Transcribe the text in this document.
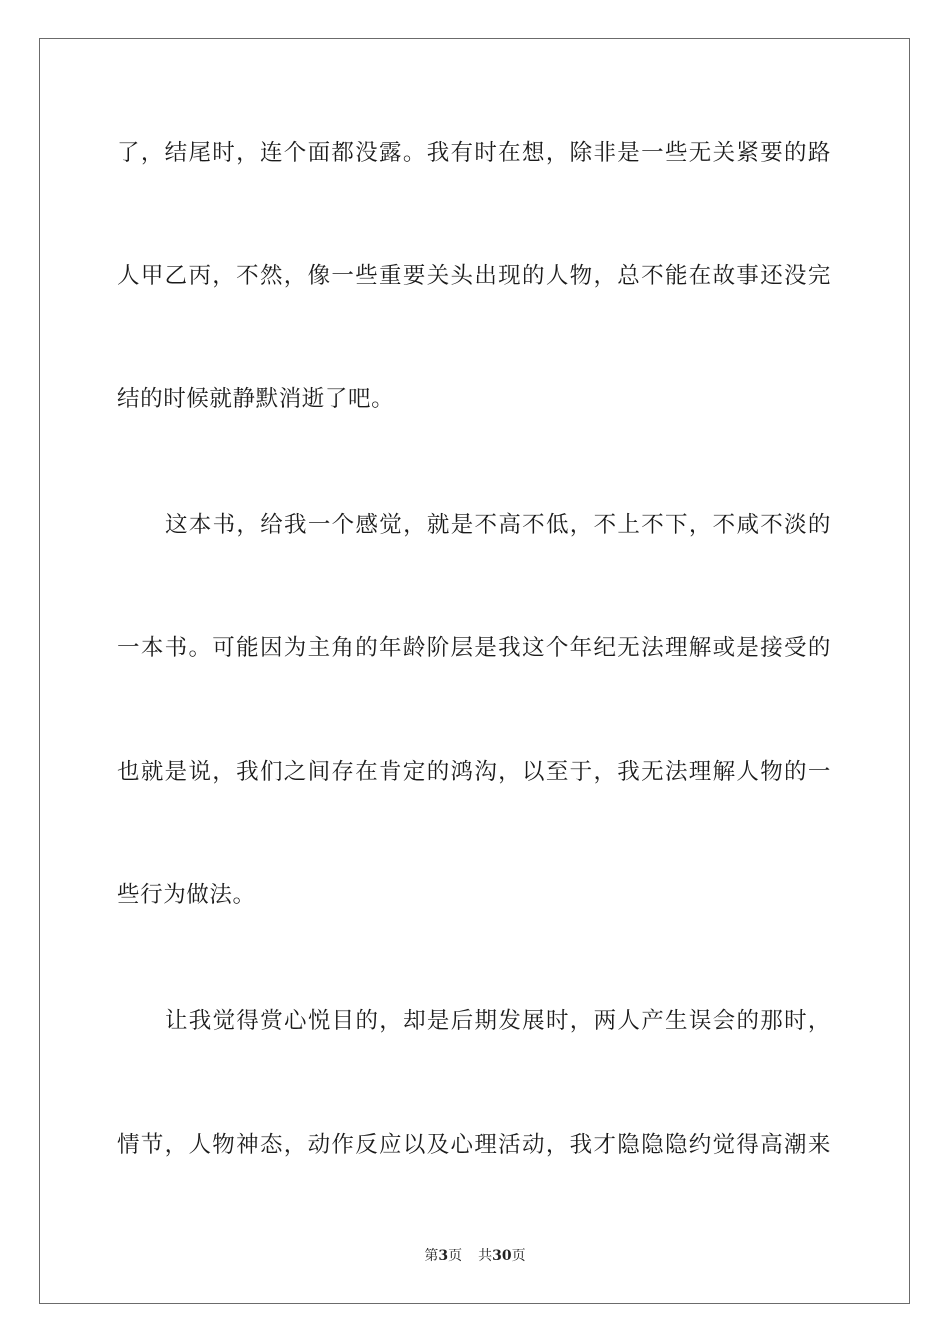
了，结尾时，连个面都没露。我有时在想，除非是一些无关紧要的路
人甲乙丙，不然，像一些重要关头出现的人物，总不能在故事还没完
结的时候就静默消逝了吧。
这本书，给我一个感觉，就是不高不低，不上不下，不咸不淡的
一本书。可能因为主角的年龄阶层是我这个年纪无法理解或是接受的
也就是说，我们之间存在肯定的鸿沟，以至于，我无法理解人物的一
些行为做法。
让我觉得赏心悦目的，却是后期发展时，两人产生误会的那时，
情节，人物神态，动作反应以及心理活动，我才隐隐隐约觉得高潮来
第3页 共30页
